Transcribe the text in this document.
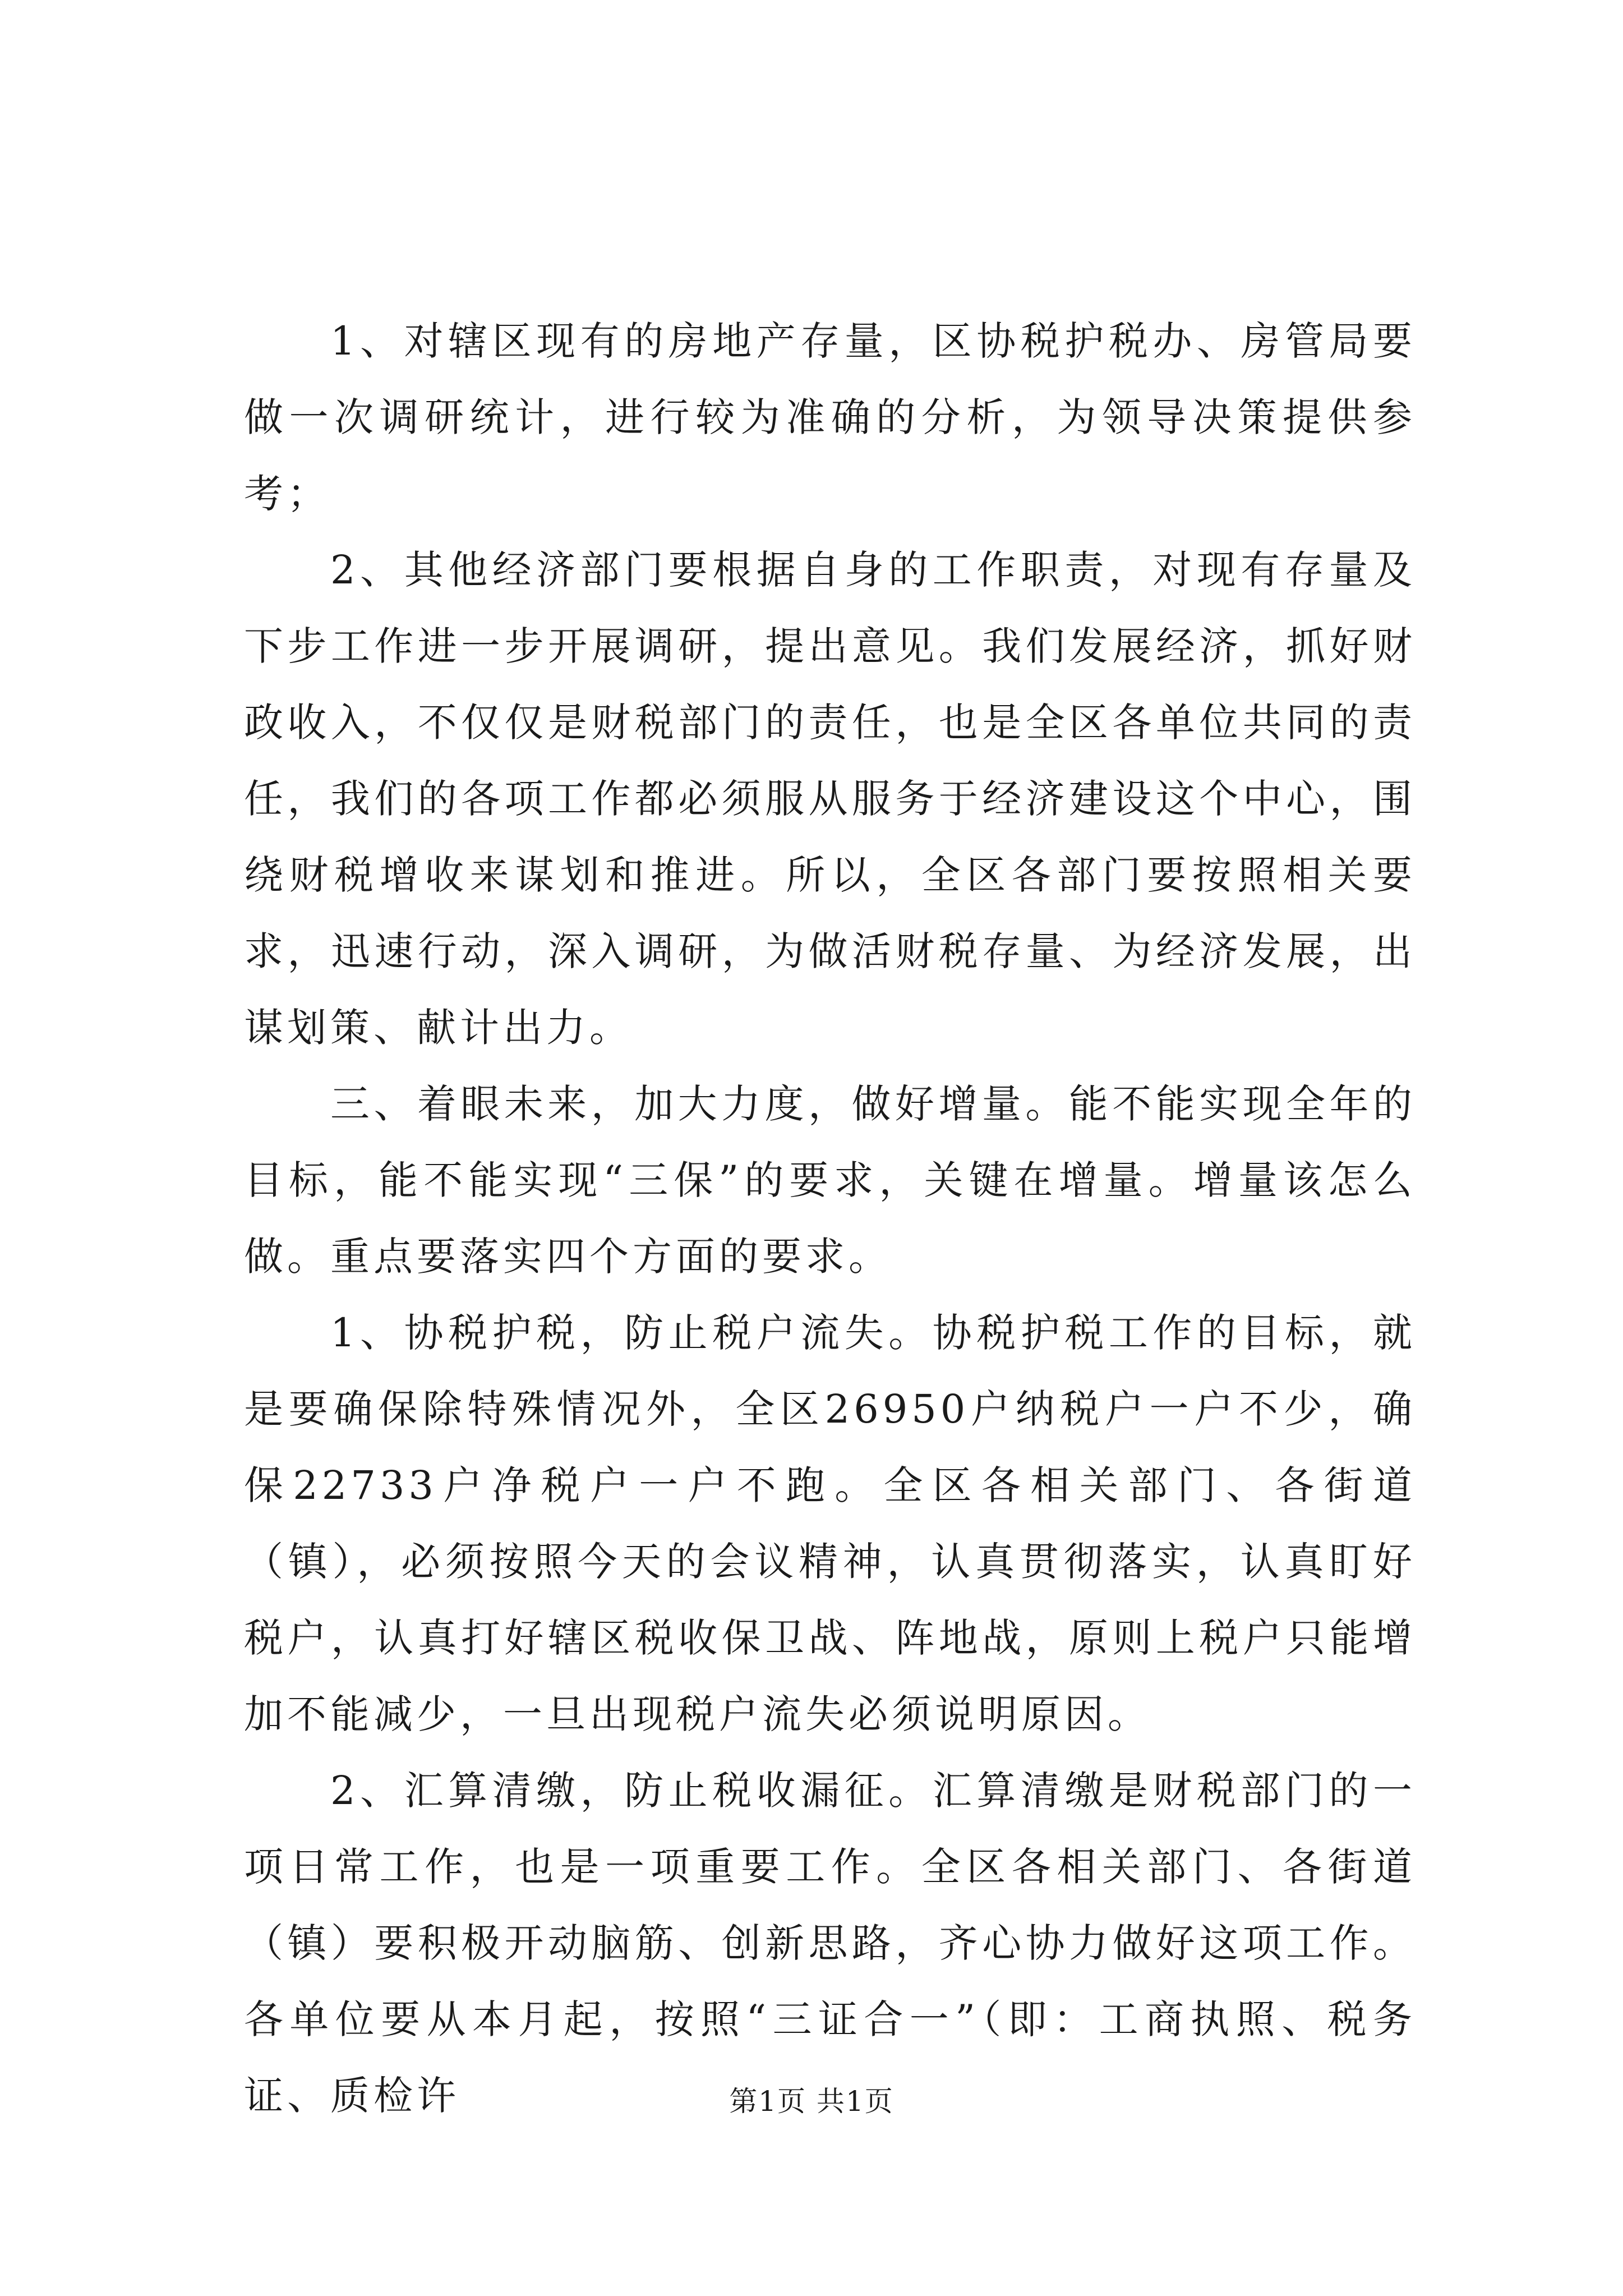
1、对辖区现有的房地产存量，区协税护税办、房管局要做一次调研统计，进行较为准确的分析，为领导决策提供参考；

2、其他经济部门要根据自身的工作职责，对现有存量及下步工作进一步开展调研，提出意见。我们发展经济，抓好财政收入，不仅仅是财税部门的责任，也是全区各单位共同的责任，我们的各项工作都必须服从服务于经济建设这个中心，围绕财税增收来谋划和推进。所以，全区各部门要按照相关要求，迅速行动，深入调研，为做活财税存量、为经济发展，出谋划策、献计出力。

三、着眼未来，加大力度，做好增量。能不能实现全年的目标，能不能实现“三保”的要求，关键在增量。增量该怎么做。重点要落实四个方面的要求。

1、协税护税，防止税户流失。协税护税工作的目标，就是要确保除特殊情况外，全区26950户纳税户一户不少，确保22733户净税户一户不跑。全区各相关部门、各街道（镇），必须按照今天的会议精神，认真贯彻落实，认真盯好税户，认真打好辖区税收保卫战、阵地战，原则上税户只能增加不能减少，一旦出现税户流失必须说明原因。

2、汇算清缴，防止税收漏征。汇算清缴是财税部门的一项日常工作，也是一项重要工作。全区各相关部门、各街道（镇）要积极开动脑筋、创新思路，齐心协力做好这项工作。各单位要从本月起，按照“三证合一”（即：工商执照、税务证、质检许	第1页 共1页
